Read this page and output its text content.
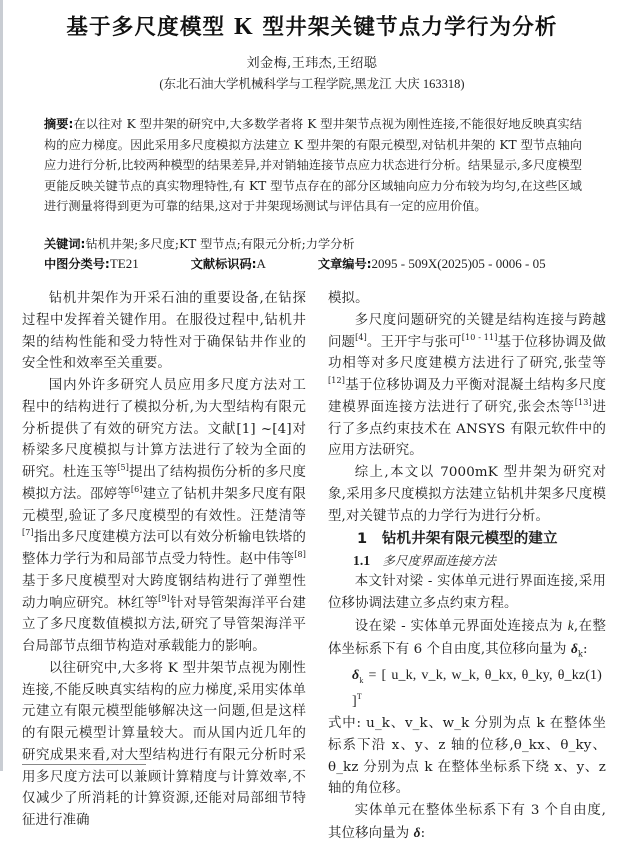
基于多尺度模型 K 型井架关键节点力学行为分析
刘金梅,王玮杰,王绍聪
(东北石油大学机械科学与工程学院,黑龙江 大庆 163318)
摘要:在以往对 K 型井架的研究中,大多数学者将 K 型井架节点视为刚性连接,不能很好地反映真实结构的应力梯度。因此采用多尺度模拟方法建立 K 型井架的有限元模型,对钻机井架的 KT 型节点轴向应力进行分析,比较两种模型的结果差异,并对销轴连接节点应力状态进行分析。结果显示,多尺度模型更能反映关键节点的真实物理特性,有 KT 型节点存在的部分区域轴向应力分布较为均匀,在这些区域进行测量将得到更为可靠的结果,这对于井架现场测试与评估具有一定的应用价值。
关键词:钻机井架;多尺度;KT 型节点;有限元分析;力学分析
中图分类号:TE21	文献标识码:A	文章编号:2095 - 509X(2025)05 - 0006 - 05

钻机井架作为开采石油的重要设备,在钻探过程中发挥着关键作用。在服役过程中,钻机井架的结构性能和受力特性对于确保钻井作业的安全性和效率至关重要。

国内外许多研究人员应用多尺度方法对工程中的结构进行了模拟分析,为大型结构有限元分析提供了有效的研究方法。文献[1] ~[4]对桥梁多尺度模拟与计算方法进行了较为全面的研究。杜连玉等[5]提出了结构损伤分析的多尺度模拟方法。邵婷等[6]建立了钻机井架多尺度有限元模型,验证了多尺度模型的有效性。汪楚清等[7]指出多尺度建模方法可以有效分析输电铁塔的整体力学行为和局部节点受力特性。赵中伟等[8]基于多尺度模型对大跨度钢结构进行了弹塑性动力响应研究。林红等[9]针对导管架海洋平台建立了多尺度数值模拟方法,研究了导管架海洋平台局部节点细节构造对承载能力的影响。

以往研究中,大多将 K 型井架节点视为刚性连接,不能反映真实结构的应力梯度,采用实体单元建立有限元模型能够解决这一问题,但是这样的有限元模型计算量较大。而从国内近几年的研究成果来看,对大型结构进行有限元分析时采用多尺度方法可以兼顾计算精度与计算效率,不仅减少了所消耗的计算资源,还能对局部细节特征进行准确

模拟。

多尺度问题研究的关键是结构连接与跨越问题[4]。王开宇与张可[10 - 11]基于位移协调及做功相等对多尺度建模方法进行了研究,张莹等[12]基于位移协调及力平衡对混凝土结构多尺度建模界面连接方法进行了研究,张会杰等[13]进行了多点约束技术在 ANSYS 有限元软件中的应用方法研究。

综上,本文以 7000mK 型井架为研究对象,采用多尺度模拟方法建立钻机井架多尺度模型,对关键节点的力学行为进行分析。

1　钻机井架有限元模型的建立

1.1 多尺度界面连接方法

本文针对梁 - 实体单元进行界面连接,采用位移协调法建立多点约束方程。

设在梁 - 实体单元界面处连接点为 k,在整体坐标系下有 6 个自由度,其位移向量为 $\delta_k$:

$\delta_k$ = [ u_k, v_k, w_k, θ_kx, θ_ky, θ_kz ]$^T$
(1)

式中: u_k、v_k、w_k 分别为点 k 在整体坐标系下沿 x、y、z 轴的位移,θ_kx、θ_ky、θ_kz 分别为点 k 在整体坐标系下绕 x、y、z 轴的角位移。

实体单元在整体坐标系下有 3 个自由度,其位移向量为 δ:
